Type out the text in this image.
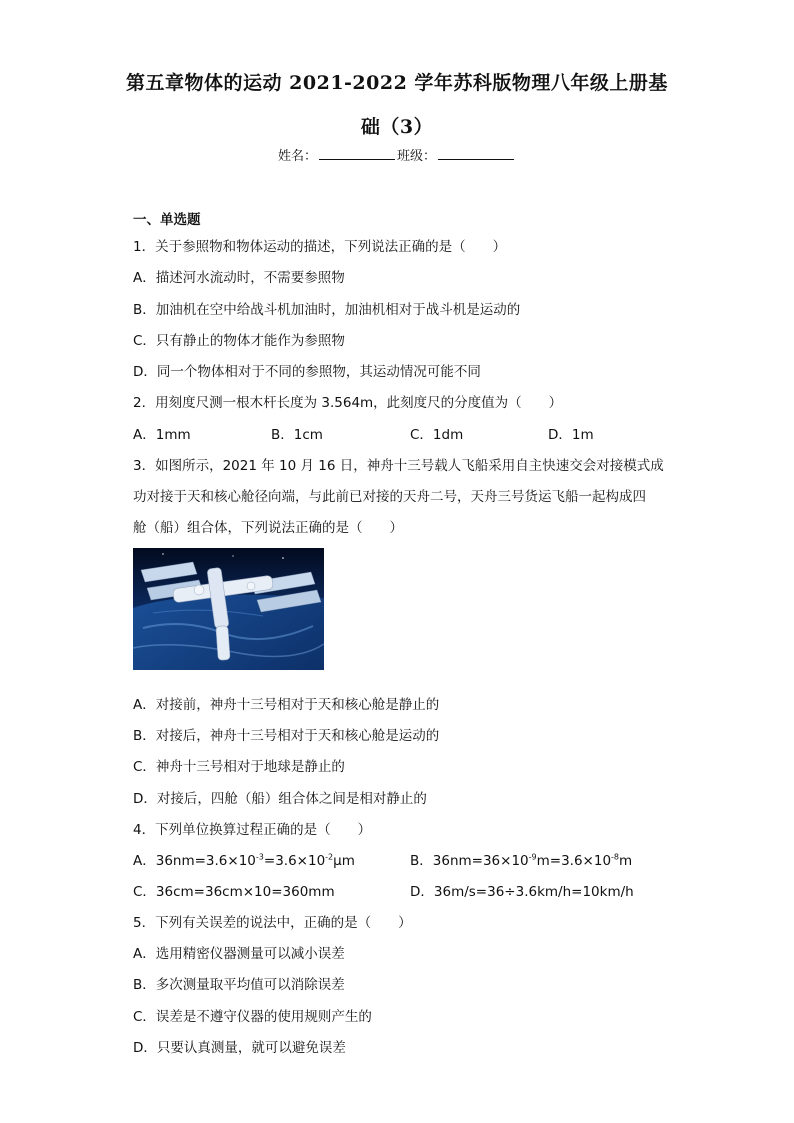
第五章物体的运动 2021-2022 学年苏科版物理八年级上册基
础（3）
姓名：	班级：
一、单选题
1．关于参照物和物体运动的描述，下列说法正确的是（　　）
A．描述河水流动时，不需要参照物
B．加油机在空中给战斗机加油时，加油机相对于战斗机是运动的
C．只有静止的物体才能作为参照物
D．同一个物体相对于不同的参照物，其运动情况可能不同
2．用刻度尺测一根木杆长度为 3.564m，此刻度尺的分度值为（　　）
A．1mm	B．1cm	C．1dm	D．1m
3．如图所示，2021 年 10 月 16 日，神舟十三号载人飞船采用自主快速交会对接模式成
功对接于天和核心舱径向端，与此前已对接的天舟二号，天舟三号货运飞船一起构成四
舱（船）组合体，下列说法正确的是（　　）
A．对接前，神舟十三号相对于天和核心舱是静止的
B．对接后，神舟十三号相对于天和核心舱是运动的
C．神舟十三号相对于地球是静止的
D．对接后，四舱（船）组合体之间是相对静止的
4．下列单位换算过程正确的是（　　）
A．$36nm=3.6\times 10^{-3}=3.6\times 10^{-2}\mu m$	B．$36nm=36\times 10^{-9}m=3.6\times 10^{-8}m$
C．36cm=36cm×10=360mm	D．36m/s=36÷3.6km/h=10km/h
5．下列有关误差的说法中，正确的是（　　）
A．选用精密仪器测量可以减小误差
B．多次测量取平均值可以消除误差
C．误差是不遵守仪器的使用规则产生的
D．只要认真测量，就可以避免误差
